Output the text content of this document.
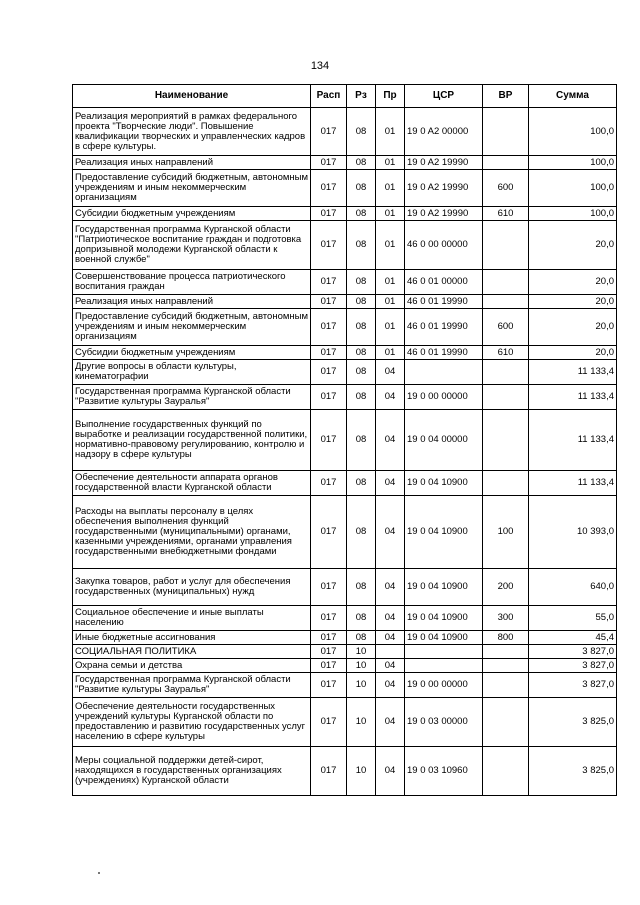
134
Наименование	Расп	Рз	Пр	ЦСР	ВР	Сумма
Реализация мероприятий в рамках федерального проекта "Творческие люди". Повышение квалификации творческих и управленческих кадров в сфере культуры.	017	08	01	19 0 A2 00000		100,0
Реализация иных направлений	017	08	01	19 0 A2 19990		100,0
Предоставление субсидий бюджетным, автономным учреждениям и иным некоммерческим организациям	017	08	01	19 0 A2 19990	600	100,0
Субсидии бюджетным учреждениям	017	08	01	19 0 A2 19990	610	100,0
Государственная программа Курганской области "Патриотическое воспитание граждан и подготовка допризывной молодежи Курганской области к военной службе"	017	08	01	46 0 00 00000		20,0
Совершенствование процесса патриотического воспитания граждан	017	08	01	46 0 01 00000		20,0
Реализация иных направлений	017	08	01	46 0 01 19990		20,0
Предоставление субсидий бюджетным, автономным учреждениям и иным некоммерческим организациям	017	08	01	46 0 01 19990	600	20,0
Субсидии бюджетным учреждениям	017	08	01	46 0 01 19990	610	20,0
Другие вопросы в области культуры, кинематографии	017	08	04			11 133,4
Государственная программа Курганской области "Развитие культуры Зауралья"	017	08	04	19 0 00 00000		11 133,4
Выполнение государственных функций по выработке и реализации государственной политики, нормативно-правовому регулированию, контролю и надзору в сфере культуры	017	08	04	19 0 04 00000		11 133,4
Обеспечение деятельности аппарата органов государственной власти Курганской области	017	08	04	19 0 04 10900		11 133,4
Расходы на выплаты персоналу в целях обеспечения выполнения функций государственными (муниципальными) органами, казенными учреждениями, органами управления государственными внебюджетными фондами	017	08	04	19 0 04 10900	100	10 393,0
Закупка товаров, работ и услуг для обеспечения государственных (муниципальных) нужд	017	08	04	19 0 04 10900	200	640,0
Социальное обеспечение и иные выплаты населению	017	08	04	19 0 04 10900	300	55,0
Иные бюджетные ассигнования	017	08	04	19 0 04 10900	800	45,4
СОЦИАЛЬНАЯ ПОЛИТИКА	017	10				3 827,0
Охрана семьи и детства	017	10	04			3 827,0
Государственная программа Курганской области "Развитие культуры Зауралья"	017	10	04	19 0 00 00000		3 827,0
Обеспечение деятельности государственных учреждений культуры Курганской области по предоставлению и развитию государственных услуг населению в сфере культуры	017	10	04	19 0 03 00000		3 825,0
Меры социальной поддержки детей-сирот, находящихся в государственных организациях (учреждениях) Курганской области	017	10	04	19 0 03 10960		3 825,0
